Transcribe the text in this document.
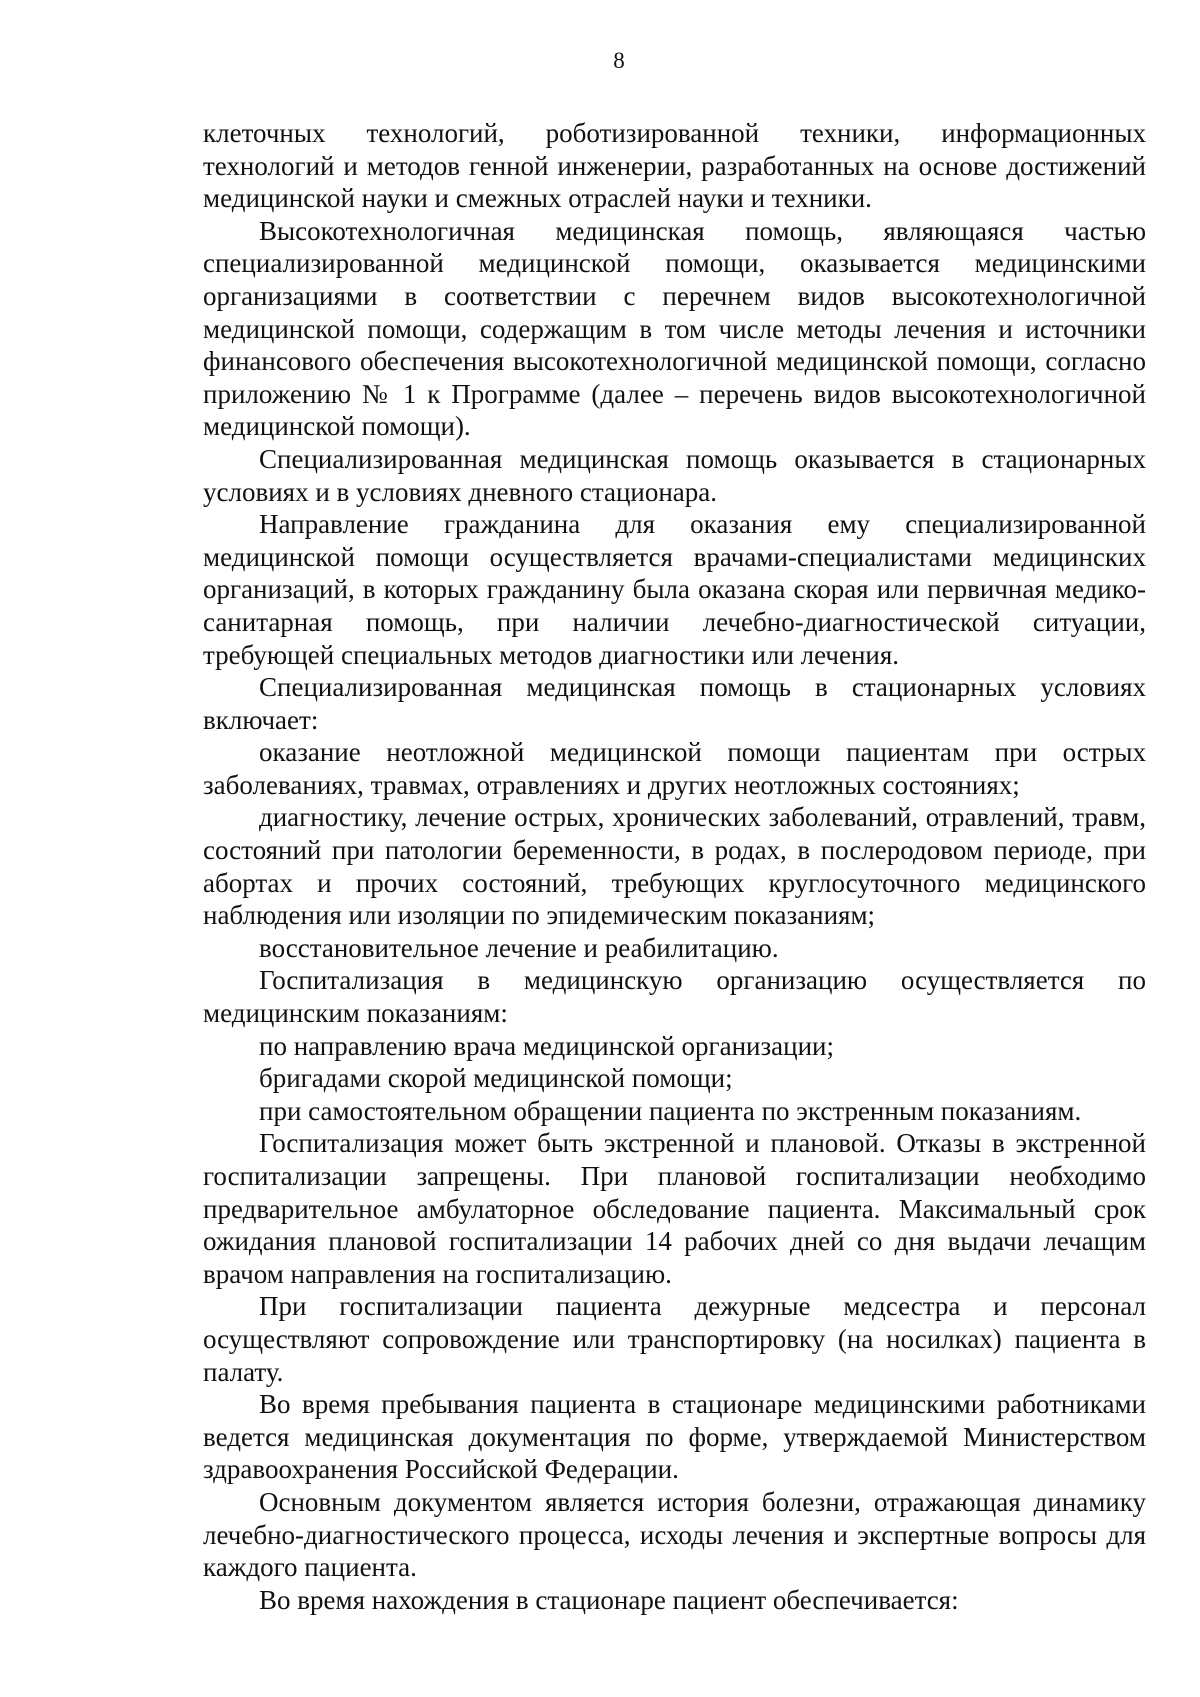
8

клеточных технологий, роботизированной техники, информационных технологий и методов генной инженерии, разработанных на основе достижений медицинской науки и смежных отраслей науки и техники.

Высокотехнологичная медицинская помощь, являющаяся частью специализированной медицинской помощи, оказывается медицинскими организациями в соответствии с перечнем видов высокотехнологичной медицинской помощи, содержащим в том числе методы лечения и источники финансового обеспечения высокотехнологичной медицинской помощи, согласно приложению № 1 к Программе (далее – перечень видов высокотехнологичной медицинской помощи).

Специализированная медицинская помощь оказывается в стационарных условиях и в условиях дневного стационара.

Направление гражданина для оказания ему специализированной медицинской помощи осуществляется врачами-специалистами медицинских организаций, в которых гражданину была оказана скорая или первичная медико-санитарная помощь, при наличии лечебно-диагностической ситуации, требующей специальных методов диагностики или лечения.

Специализированная медицинская помощь в стационарных условиях включает:

оказание неотложной медицинской помощи пациентам при острых заболеваниях, травмах, отравлениях и других неотложных состояниях;

диагностику, лечение острых, хронических заболеваний, отравлений, травм, состояний при патологии беременности, в родах, в послеродовом периоде, при абортах и прочих состояний, требующих круглосуточного медицинского наблюдения или изоляции по эпидемическим показаниям;

восстановительное лечение и реабилитацию.

Госпитализация в медицинскую организацию осуществляется по медицинским показаниям:

по направлению врача медицинской организации;

бригадами скорой медицинской помощи;

при самостоятельном обращении пациента по экстренным показаниям.

Госпитализация может быть экстренной и плановой. Отказы в экстренной госпитализации запрещены. При плановой госпитализации необходимо предварительное амбулаторное обследование пациента. Максимальный срок ожидания плановой госпитализации 14 рабочих дней со дня выдачи лечащим врачом направления на госпитализацию.

При госпитализации пациента дежурные медсестра и персонал осуществляют сопровождение или транспортировку (на носилках) пациента в палату.

Во время пребывания пациента в стационаре медицинскими работниками ведется медицинская документация по форме, утверждаемой Министерством здравоохранения Российской Федерации.

Основным документом является история болезни, отражающая динамику лечебно-диагностического процесса, исходы лечения и экспертные вопросы для каждого пациента.

Во время нахождения в стационаре пациент обеспечивается:
